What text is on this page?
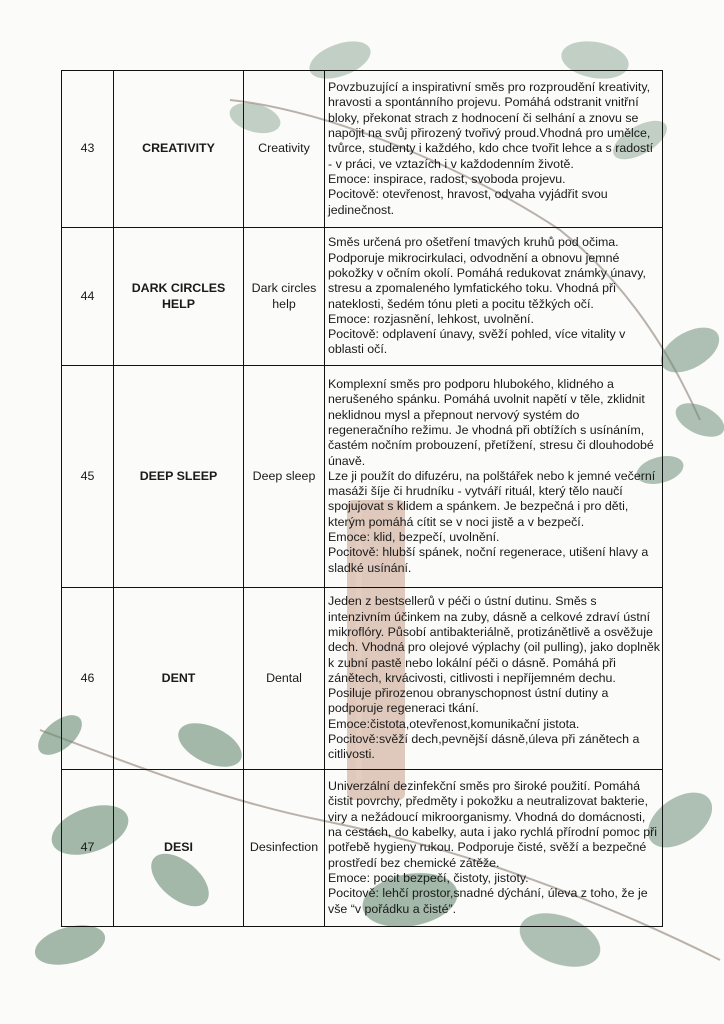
43	CREATIVITY	Creativity	Povzbuzující a inspirativní směs pro rozproudění kreativity, hravosti a spontánního projevu. Pomáhá odstranit vnitřní bloky, překonat strach z hodnocení či selhání a znovu se napojit na svůj přirozený tvořivý proud.Vhodná pro umělce, tvůrce, studenty i každého, kdo chce tvořit lehce a s radostí - v práci, ve vztazích i v každodenním životě.
Emoce: inspirace, radost, svoboda projevu.
Pocitově: otevřenost, hravost, odvaha vyjádřit svou jedinečnost.

44	DARK CIRCLES HELP	Dark circles help	Směs určená pro ošetření tmavých kruhů pod očima. Podporuje mikrocirkulaci, odvodnění a obnovu jemné pokožky v očním okolí. Pomáhá redukovat známky únavy, stresu a zpomaleného lymfatického toku. Vhodná při nateklosti, šedém tónu pleti a pocitu těžkých očí.
Emoce: rozjasnění, lehkost, uvolnění.
Pocitově: odplavení únavy, svěží pohled, více vitality v oblasti očí.

45	DEEP SLEEP	Deep sleep	Komplexní směs pro podporu hlubokého, klidného a nerušeného spánku. Pomáhá uvolnit napětí v těle, zklidnit neklidnou mysl a přepnout nervový systém do regeneračního režimu. Je vhodná při obtížích s usínáním, častém nočním probouzení, přetížení, stresu či dlouhodobé únavě.
Lze ji použít do difuzéru, na polštářek nebo k jemné večerní masáži šíje či hrudníku - vytváří rituál, který tělo naučí spojujovat s klidem a spánkem. Je bezpečná i pro děti, kterým pomáhá cítit se v noci jistě a v bezpečí.
Emoce: klid, bezpečí, uvolnění.
Pocitově: hlubší spánek, noční regenerace, utišení hlavy a sladké usínání.

46	DENT	Dental	Jeden z bestsellerů v péči o ústní dutinu. Směs s intenzivním účinkem na zuby, dásně a celkové zdraví ústní mikroflóry. Působí antibakteriálně, protizánětlivě a osvěžuje dech. Vhodná pro olejové výplachy (oil pulling), jako doplněk k zubní pastě nebo lokální péči o dásně. Pomáhá při zánětech, krvácivosti, citlivosti i nepříjemném dechu. Posiluje přirozenou obranyschopnost ústní dutiny a podporuje regeneraci tkání.
Emoce:čistota,otevřenost,komunikační jistota.
Pocitově:svěží dech,pevnější dásně,úleva při zánětech a citlivosti.

47	DESI	Desinfection	Univerzální dezinfekční směs pro široké použití. Pomáhá čistit povrchy, předměty i pokožku a neutralizovat bakterie, viry a nežádoucí mikroorganismy. Vhodná do domácnosti, na cestách, do kabelky, auta i jako rychlá přírodní pomoc při potřebě hygieny rukou. Podporuje čisté, svěží a bezpečné prostředí bez chemické zátěže.
Emoce: pocit bezpečí, čistoty, jistoty.
Pocitově: lehčí prostor,snadné dýchání, úleva z toho, že je vše “v pořádku a čisté”.
